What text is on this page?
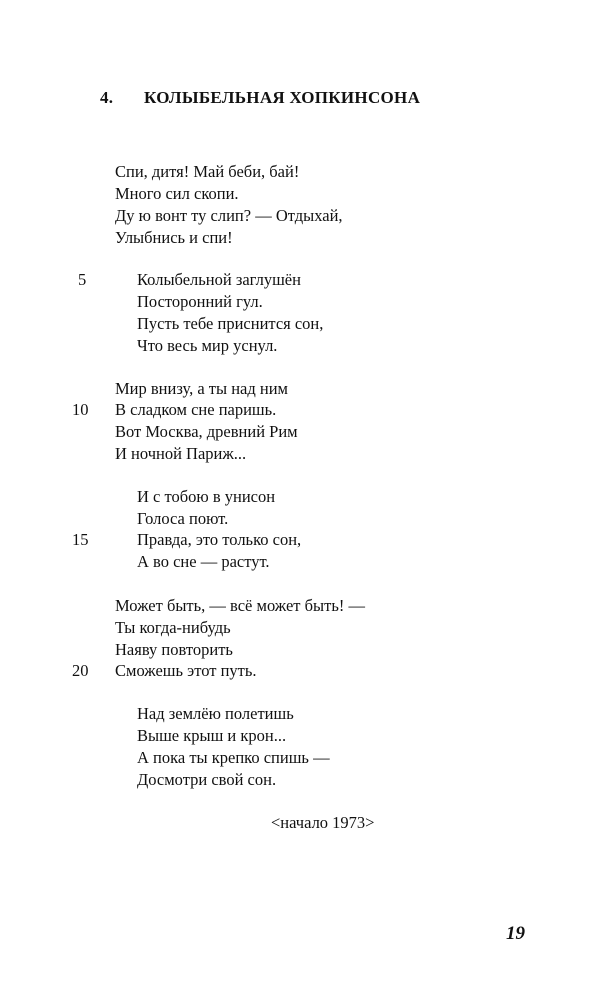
4. КОЛЫБЕЛЬНАЯ ХОПКИНСОНА
Спи, дитя! Май беби, бай!
Много сил скопи.
Ду ю вонт ту слип? — Отдыхай,
Улыбнись и спи!
5	Колыбельной заглушён
Посторонний гул.
Пусть тебе приснится сон,
Что весь мир уснул.
Мир внизу, а ты над ним
10 В сладком сне паришь.
Вот Москва, древний Рим
И ночной Париж...
И с тобою в унисон
Голоса поют.
15	Правда, это только сон,
А во сне — растут.
Может быть, — всё может быть! —
Ты когда-нибудь
Наяву повторить
20 Сможешь этот путь.
Над землёю полетишь
Выше крыш и крон...
А пока ты крепко спишь —
Досмотри свой сон.
<начало 1973>
19
